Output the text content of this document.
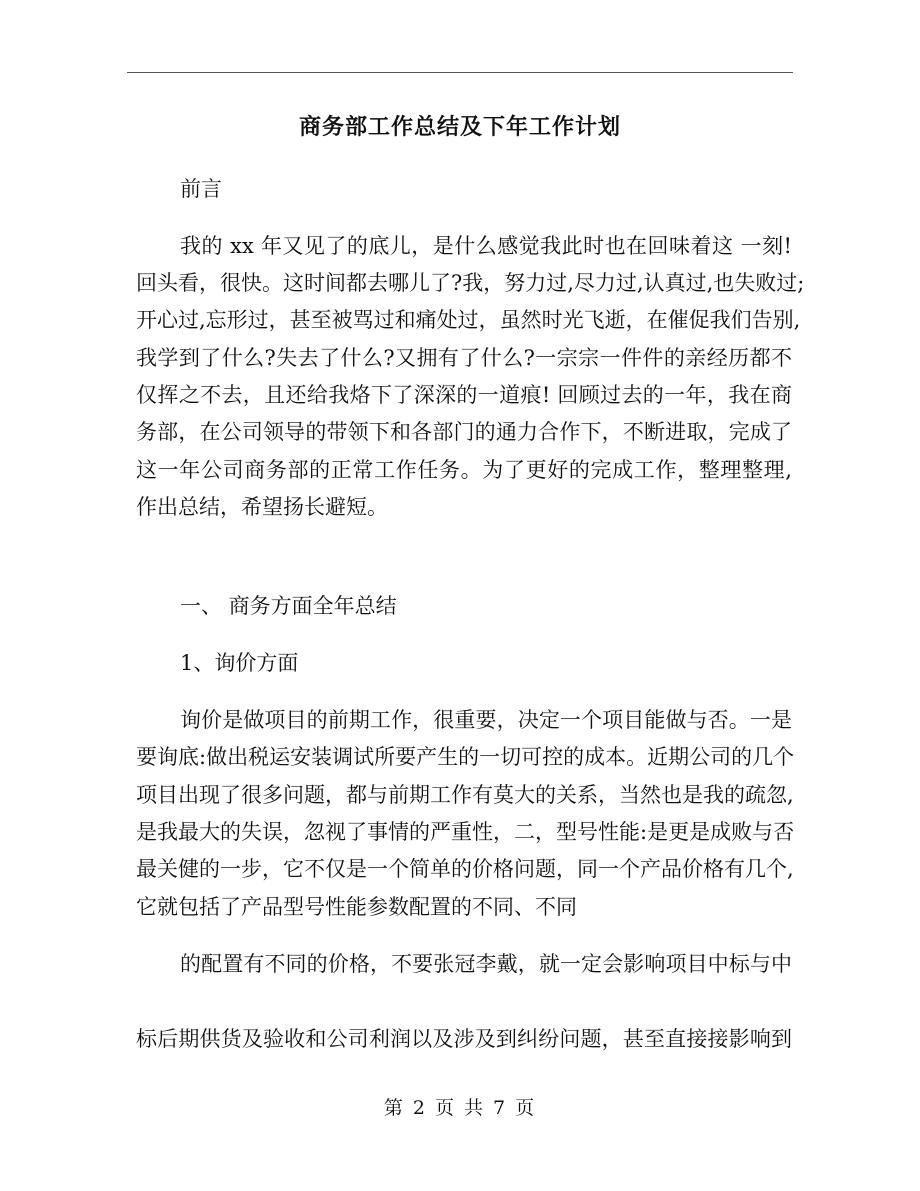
商务部工作总结及下年工作计划
前言
我的 xx 年又见了的底儿，是什么感觉我此时也在回味着这 一刻!
回头看，很快。这时间都去哪儿了?我，努力过,尽力过,认真过,也失败过;
开心过,忘形过，甚至被骂过和痛处过，虽然时光飞逝，在催促我们告别,
我学到了什么?失去了什么?又拥有了什么?一宗宗一件件的亲经历都不
仅挥之不去，且还给我烙下了深深的一道痕! 回顾过去的一年，我在商
务部，在公司领导的带领下和各部门的通力合作下，不断进取，完成了
这一年公司商务部的正常工作任务。为了更好的完成工作，整理整理,
作出总结，希望扬长避短。
一、 商务方面全年总结
1、询价方面
询价是做项目的前期工作，很重要，决定一个项目能做与否。一是
要询底:做出税运安装调试所要产生的一切可控的成本。近期公司的几个
项目出现了很多问题，都与前期工作有莫大的关系，当然也是我的疏忽,
是我最大的失误，忽视了事情的严重性，二，型号性能:是更是成败与否
最关健的一步，它不仅是一个简单的价格问题，同一个产品价格有几个,
它就包括了产品型号性能参数配置的不同、不同
的配置有不同的价格，不要张冠李戴，就一定会影响项目中标与中
标后期供货及验收和公司利润以及涉及到纠纷问题，甚至直接接影响到
第 2 页 共 7 页
